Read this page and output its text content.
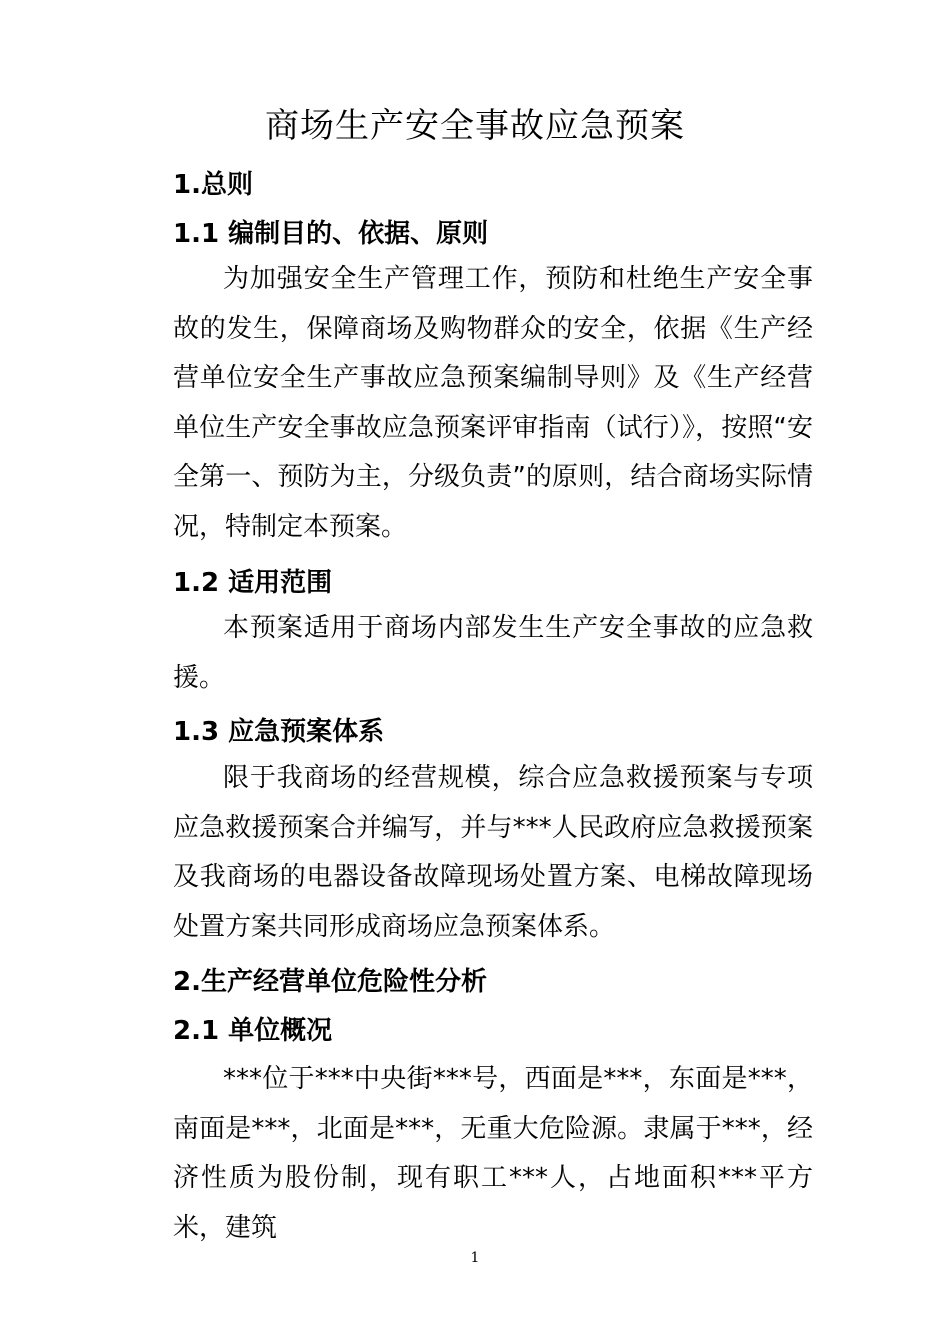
商场生产安全事故应急预案
1.总则
1.1 编制目的、依据、原则

为加强安全生产管理工作，预防和杜绝生产安全事故的发生，保障商场及购物群众的安全，依据《生产经营单位安全生产事故应急预案编制导则》及《生产经营单位生产安全事故应急预案评审指南（试行）》，按照“安全第一、预防为主，分级负责”的原则，结合商场实际情况，特制定本预案。

1.2 适用范围

本预案适用于商场内部发生生产安全事故的应急救援。

1.3 应急预案体系

限于我商场的经营规模，综合应急救援预案与专项应急救援预案合并编写，并与***人民政府应急救援预案及我商场的电器设备故障现场处置方案、电梯故障现场处置方案共同形成商场应急预案体系。

2.生产经营单位危险性分析
2.1 单位概况

***位于***中央街***号，西面是***，东面是***，南面是***，北面是***，无重大危险源。隶属于***，经济性质为股份制，现有职工***人，占地面积***平方米，建筑

1
